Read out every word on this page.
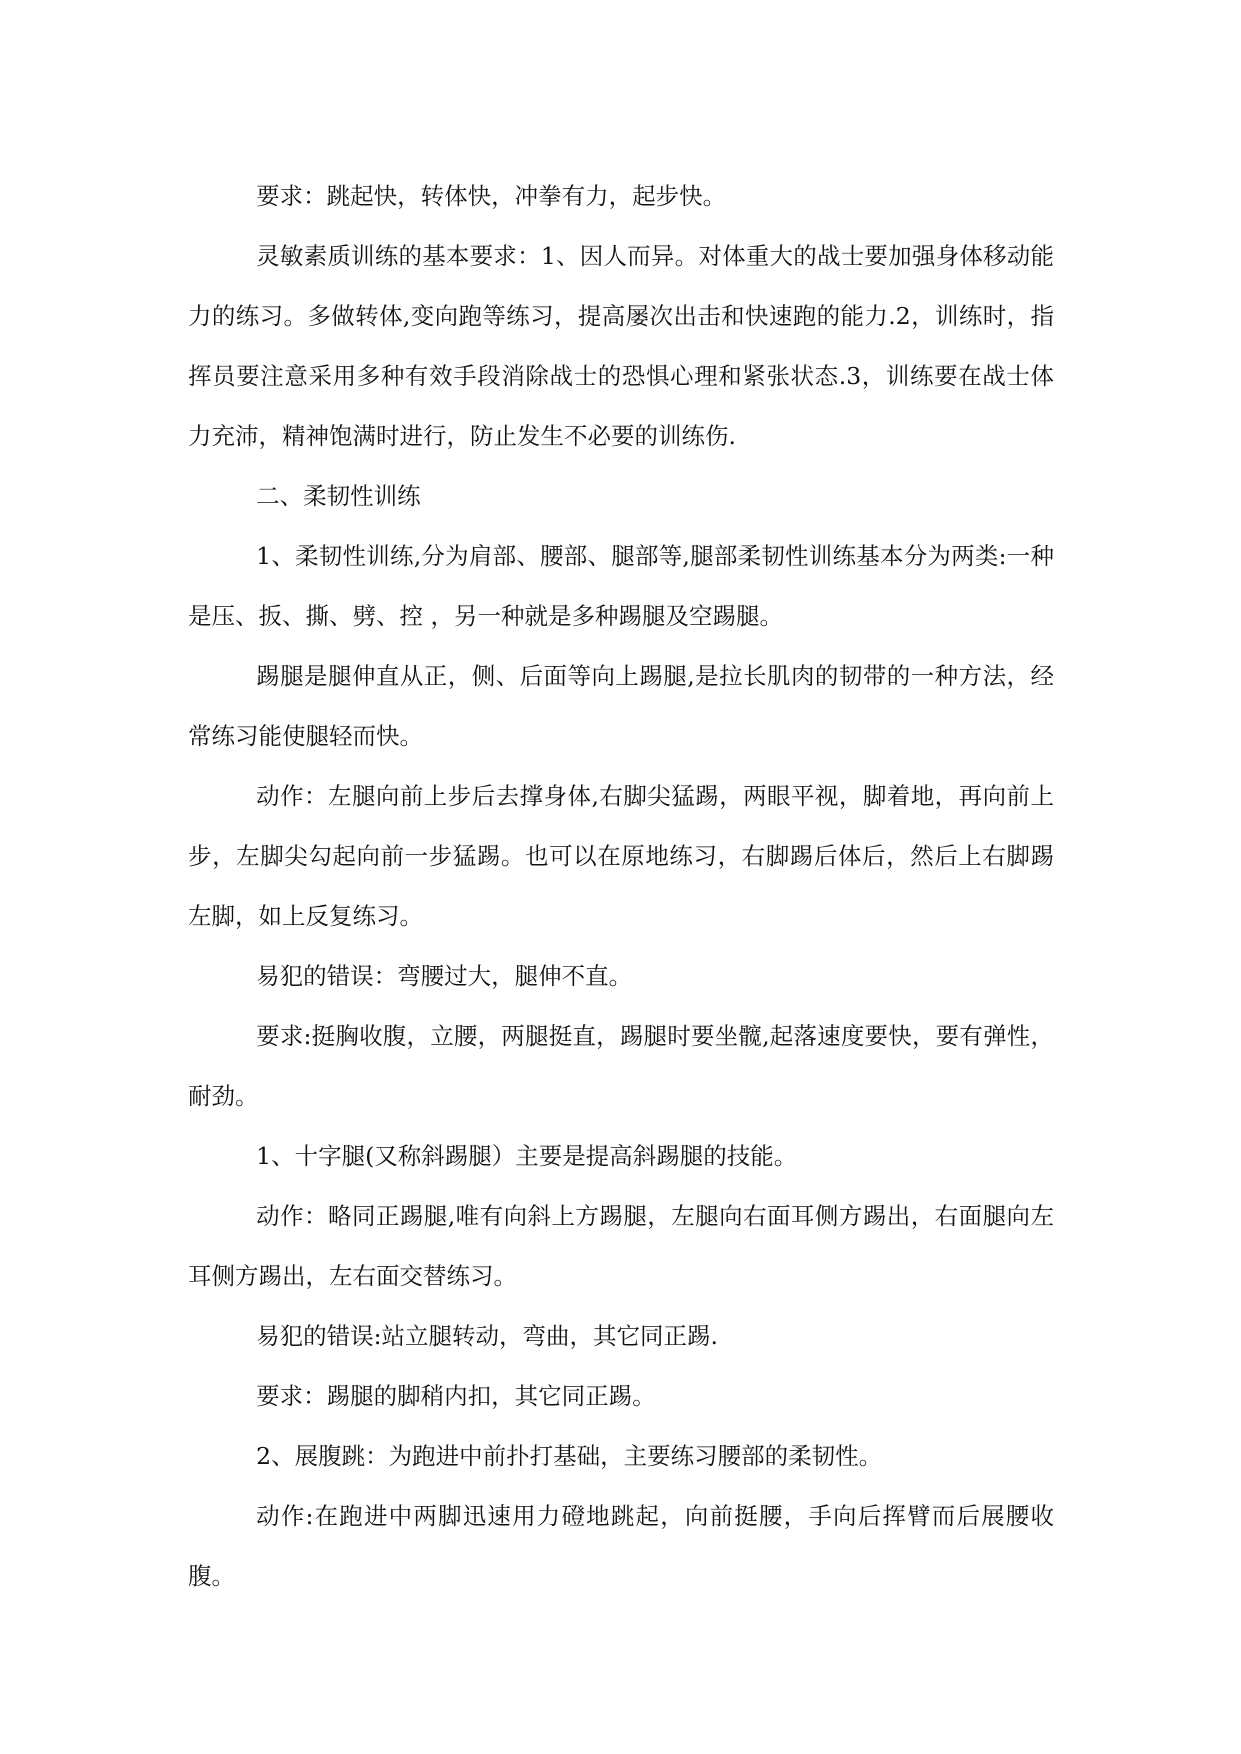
要求：跳起快，转体快，冲拳有力，起步快。

灵敏素质训练的基本要求：1、因人而异。对体重大的战士要加强身体移动能力的练习。多做转体,变向跑等练习，提高屡次出击和快速跑的能力.2，训练时，指挥员要注意采用多种有效手段消除战士的恐惧心理和紧张状态.3，训练要在战士体力充沛，精神饱满时进行，防止发生不必要的训练伤.

二、柔韧性训练

1、柔韧性训练,分为肩部、腰部、腿部等,腿部柔韧性训练基本分为两类:一种是压、扳、撕、劈、控 ，另一种就是多种踢腿及空踢腿。

踢腿是腿伸直从正，侧、后面等向上踢腿,是拉长肌肉的韧带的一种方法，经常练习能使腿轻而快。

动作：左腿向前上步后去撑身体,右脚尖猛踢，两眼平视，脚着地，再向前上步，左脚尖勾起向前一步猛踢。也可以在原地练习，右脚踢后体后，然后上右脚踢左脚，如上反复练习。

易犯的错误：弯腰过大，腿伸不直。

要求:挺胸收腹，立腰，两腿挺直，踢腿时要坐髋,起落速度要快，要有弹性，耐劲。

1、十字腿(又称斜踢腿）主要是提高斜踢腿的技能。

动作：略同正踢腿,唯有向斜上方踢腿，左腿向右面耳侧方踢出，右面腿向左耳侧方踢出，左右面交替练习。

易犯的错误:站立腿转动，弯曲，其它同正踢.

要求：踢腿的脚稍内扣，其它同正踢。

2、展腹跳：为跑进中前扑打基础，主要练习腰部的柔韧性。

动作:在跑进中两脚迅速用力磴地跳起，向前挺腰，手向后挥臂而后展腰收腹。
